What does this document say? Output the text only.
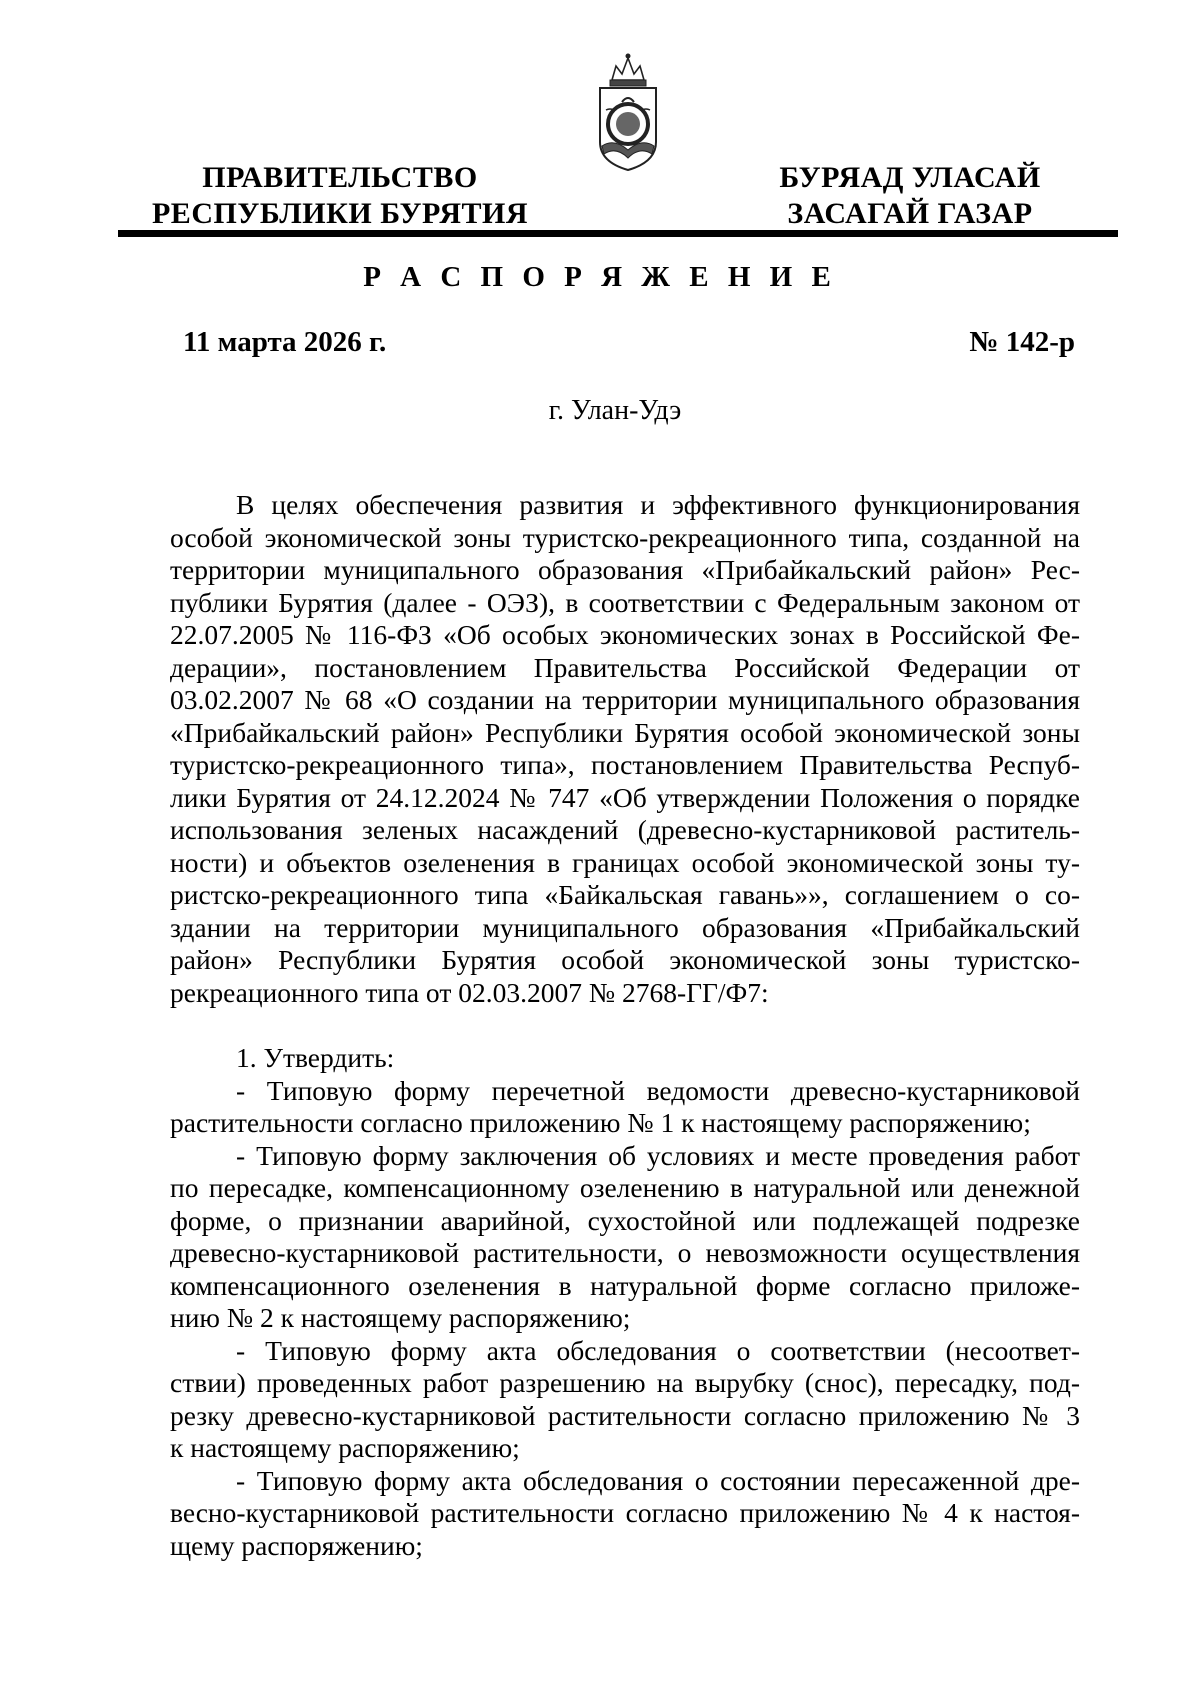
ПРАВИТЕЛЬСТВО
РЕСПУБЛИКИ БУРЯТИЯ
БУРЯАД УЛАСАЙ
ЗАСАГАЙ ГАЗАР
Р А С П О Р Я Ж Е Н И Е
11 марта 2026 г.	№ 142-р
г. Улан-Удэ
В целях обеспечения развития и эффективного функционирования
особой экономической зоны туристско-рекреационного типа, созданной на
территории муниципального образования «Прибайкальский район» Рес-
публики Бурятия (далее - ОЭЗ), в соответствии с Федеральным законом от
22.07.2005 № 116-ФЗ «Об особых экономических зонах в Российской Фе-
дерации», постановлением Правительства Российской Федерации от
03.02.2007 № 68 «О создании на территории муниципального образования
«Прибайкальский район» Республики Бурятия особой экономической зоны
туристско-рекреационного типа», постановлением Правительства Респуб-
лики Бурятия от 24.12.2024 № 747 «Об утверждении Положения о порядке
использования зеленых насаждений (древесно-кустарниковой раститель-
ности) и объектов озеленения в границах особой экономической зоны ту-
ристско-рекреационного типа «Байкальская гавань»», соглашением о со-
здании на территории муниципального образования «Прибайкальский
район» Республики Бурятия особой экономической зоны туристско-
рекреационного типа от 02.03.2007 № 2768-ГГ/Ф7:
1. Утвердить:
- Типовую форму перечетной ведомости древесно-кустарниковой
растительности согласно приложению № 1 к настоящему распоряжению;
- Типовую форму заключения об условиях и месте проведения работ
по пересадке, компенсационному озеленению в натуральной или денежной
форме, о признании аварийной, сухостойной или подлежащей подрезке
древесно-кустарниковой растительности, о невозможности осуществления
компенсационного озеленения в натуральной форме согласно приложе-
нию № 2 к настоящему распоряжению;
- Типовую форму акта обследования о соответствии (несоответ-
ствии) проведенных работ разрешению на вырубку (снос), пересадку, под-
резку древесно-кустарниковой растительности согласно приложению № 3
к настоящему распоряжению;
- Типовую форму акта обследования о состоянии пересаженной дре-
весно-кустарниковой растительности согласно приложению № 4 к настоя-
щему распоряжению;
